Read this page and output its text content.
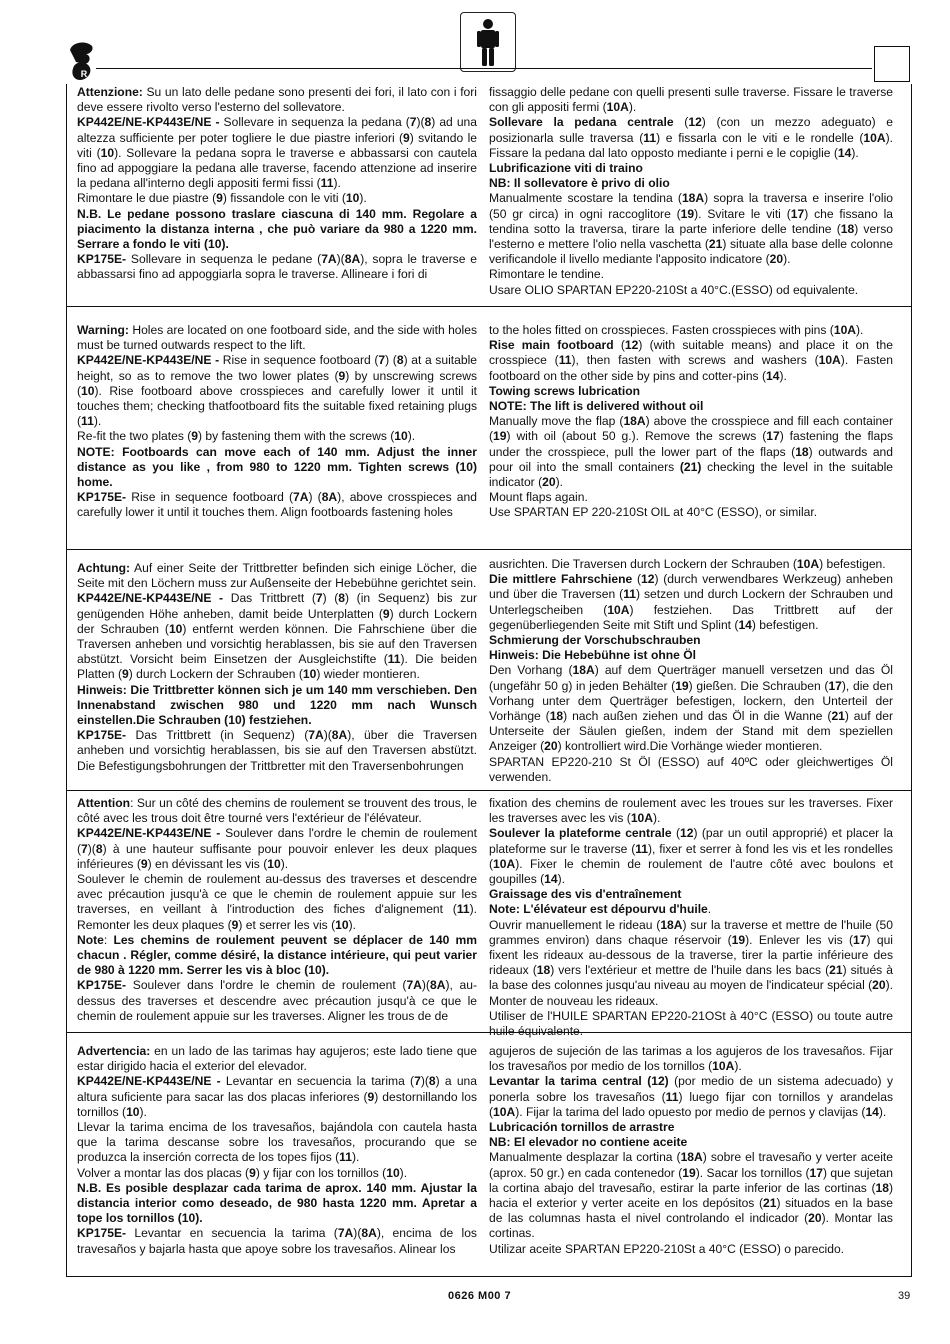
R

Attenzione: Su un lato delle pedane sono presenti dei fori, il lato con i fori deve essere rivolto verso l'esterno del sollevatore.

KP442E/NE-KP443E/NE - Sollevare in sequenza la pedana (7)(8) ad una altezza sufficiente per poter togliere le due piastre inferiori (9) svitando le viti (10). Sollevare la pedana sopra le traverse e abbassarsi con cautela fino ad appoggiare la pedana alle traverse, facendo attenzione ad inserire la pedana all'interno degli appositi fermi fissi (11).

Rimontare le due piastre (9) fissandole con le viti (10).

N.B. Le pedane possono traslare ciascuna di 140 mm. Regolare a piacimento la distanza interna , che può variare da 980 a 1220 mm. Serrare a fondo le viti (10).

KP175E- Sollevare in sequenza le pedane (7A)(8A), sopra le traverse e abbassarsi fino ad appoggiarla sopra le traverse. Allineare i fori di

fissaggio delle pedane con quelli presenti sulle traverse. Fissare le traverse con gli appositi fermi (10A).

Sollevare la pedana centrale (12) (con un mezzo adeguato) e posizionarla sulle traversa (11) e fissarla con le viti e le rondelle (10A). Fissare la pedana dal lato opposto mediante i perni e le copiglie (14).

Lubrificazione viti di traino

NB: Il sollevatore è privo di olio

Manualmente scostare la tendina (18A) sopra la traversa e inserire l'olio (50 gr circa) in ogni raccoglitore (19). Svitare le viti (17) che fissano la tendina sotto la traversa, tirare la parte inferiore delle tendine (18) verso l'esterno e mettere l'olio nella vaschetta (21) situate alla base delle colonne verificandole il livello mediante l'apposito indicatore (20).

Rimontare le tendine.

Usare OLIO SPARTAN EP220-210St a 40°C.(ESSO) od equivalente.

Warning: Holes are located on one footboard side, and the side with holes must be turned outwards respect to the lift.

KP442E/NE-KP443E/NE - Rise in sequence footboard (7) (8) at a suitable height, so as to remove the two lower plates (9) by unscrewing screws (10). Rise footboard above crosspieces and carefully lower it until it touches them; checking thatfootboard fits the suitable fixed retaining plugs (11).

Re-fit the two plates (9) by fastening them with the screws (10).

NOTE: Footboards can move each of 140 mm. Adjust the inner distance as you like , from 980 to 1220 mm. Tighten screws (10) home.

KP175E- Rise in sequence footboard (7A) (8A), above crosspieces and carefully lower it until it touches them. Align footboards fastening holes

to the holes fitted on crosspieces. Fasten crosspieces with pins (10A).

Rise main footboard (12) (with suitable means) and place it on the crosspiece (11), then fasten with screws and washers (10A). Fasten footboard on the other side by pins and cotter-pins (14).

Towing screws lubrication

NOTE: The lift is delivered without oil

Manually move the flap (18A) above the crosspiece and fill each container (19) with oil (about 50 g.). Remove the screws (17) fastening the flaps under the crosspiece, pull the lower part of the flaps (18) outwards and pour oil into the small containers (21) checking the level in the suitable indicator (20).

Mount flaps again.

Use SPARTAN EP 220-210St OIL at 40°C (ESSO), or similar.

Achtung: Auf einer Seite der Trittbretter befinden sich einige Löcher, die Seite mit den Löchern muss zur Außenseite der Hebebühne gerichtet sein.

KP442E/NE-KP443E/NE - Das Trittbrett (7) (8) (in Sequenz) bis zur genügenden Höhe anheben, damit beide Unterplatten (9) durch Lockern der Schrauben (10) entfernt werden können. Die Fahrschiene über die Traversen anheben und vorsichtig herablassen, bis sie auf den Traversen abstützt. Vorsicht beim Einsetzen der Ausgleichstifte (11). Die beiden Platten (9) durch Lockern der Schrauben (10) wieder montieren.

Hinweis: Die Trittbretter können sich je um 140 mm verschieben. Den Innenabstand zwischen 980 und 1220 mm nach Wunsch einstellen.Die Schrauben (10) festziehen.

KP175E- Das Trittbrett (in Sequenz) (7A)(8A), über die Traversen anheben und vorsichtig herablassen, bis sie auf den Traversen abstützt. Die Befestigungsbohrungen der Trittbretter mit den Traversenbohrungen

ausrichten. Die Traversen durch Lockern der Schrauben (10A) befestigen.

Die mittlere Fahrschiene (12) (durch verwendbares Werkzeug) anheben und über die Traversen (11) setzen und durch Lockern der Schrauben und Unterlegscheiben (10A) festziehen. Das Trittbrett auf der gegenüberliegenden Seite mit Stift und Splint (14) befestigen.

Schmierung der Vorschubschrauben

Hinweis: Die Hebebühne ist ohne Öl

Den Vorhang (18A) auf dem Querträger manuell versetzen und das Öl (ungefähr 50 g) in jeden Behälter (19) gießen. Die Schrauben (17), die den Vorhang unter dem Querträger befestigen, lockern, den Unterteil der Vorhänge (18) nach außen ziehen und das Öl in die Wanne (21) auf der Unterseite der Säulen gießen, indem der Stand mit dem speziellen Anzeiger (20) kontrolliert wird.Die Vorhänge wieder montieren.

SPARTAN EP220-210 St Öl (ESSO) auf 40ºC oder gleichwertiges Öl verwenden.

Attention: Sur un côté des chemins de roulement se trouvent des trous, le côté avec les trous doit être tourné vers l'extérieur de l'élévateur.

KP442E/NE-KP443E/NE - Soulever dans l'ordre le chemin de roulement (7)(8) à une hauteur suffisante pour pouvoir enlever les deux plaques inférieures (9) en dévissant les vis (10).

Soulever le chemin de roulement au-dessus des traverses et descendre avec précaution jusqu'à ce que le chemin de roulement appuie sur les traverses, en veillant à l'introduction des fiches d'alignement (11). Remonter les deux plaques (9) et serrer les vis (10).

Note: Les chemins de roulement peuvent se déplacer de 140 mm chacun . Régler, comme désiré, la distance intérieure, qui peut varier de 980 à 1220 mm. Serrer les vis à bloc (10).

KP175E- Soulever dans l'ordre le chemin de roulement (7A)(8A), au-dessus des traverses et descendre avec précaution jusqu'à ce que le chemin de roulement appuie sur les traverses. Aligner les trous de de

fixation des chemins de roulement avec les troues sur les traverses. Fixer les traverses avec les vis (10A).

Soulever la plateforme centrale (12) (par un outil approprié) et placer la plateforme sur le traverse (11), fixer et serrer à fond les vis et les rondelles (10A). Fixer le chemin de roulement de l'autre côté avec boulons et goupilles (14).

Graissage des vis d'entraînement

Note: L'élévateur est dépourvu d'huile.

Ouvrir manuellement le rideau (18A) sur la traverse et mettre de l'huile (50 grammes environ) dans chaque réservoir (19). Enlever les vis (17) qui fixent les rideaux au-dessous de la traverse, tirer la partie inférieure des rideaux (18) vers l'extérieur et mettre de l'huile dans les bacs (21) situés à la base des colonnes jusqu'au niveau au moyen de l'indicateur spécial (20). Monter de nouveau les rideaux.

Utiliser de l'HUILE SPARTAN EP220-21OSt à 40°C (ESSO) ou toute autre huile équivalente.

Advertencia: en un lado de las tarimas hay agujeros; este lado tiene que estar dirigido hacia el exterior del elevador.

KP442E/NE-KP443E/NE - Levantar en secuencia la tarima (7)(8) a una altura suficiente para sacar las dos placas inferiores (9) destornillando los tornillos (10).

Llevar la tarima encima de los travesaños, bajándola con cautela hasta que la tarima descanse sobre los travesaños, procurando que se produzca la inserción correcta de los topes fijos (11).

Volver a montar las dos placas (9) y fijar con los tornillos (10).

N.B. Es posible desplazar cada tarima de aprox. 140 mm. Ajustar la distancia interior como deseado, de 980 hasta 1220 mm. Apretar a tope los tornillos (10).

KP175E- Levantar en secuencia la tarima (7A)(8A), encima de los travesaños y bajarla hasta que apoye sobre los travesaños. Alinear los

agujeros de sujeción de las tarimas a los agujeros de los travesaños. Fijar los travesaños por medio de los tornillos (10A).

Levantar la tarima central (12) (por medio de un sistema adecuado) y ponerla sobre los travesaños (11) luego fijar con tornillos y arandelas (10A). Fijar la tarima del lado opuesto por medio de pernos y clavijas (14).

Lubricación tornillos de arrastre

NB: El elevador no contiene aceite

Manualmente desplazar la cortina (18A) sobre el travesaño y verter aceite (aprox. 50 gr.) en cada contenedor (19). Sacar los tornillos (17) que sujetan la cortina abajo del travesaño, estirar la parte inferior de las cortinas (18) hacia el exterior y verter aceite en los depósitos (21) situados en la base de las columnas hasta el nivel controlando el indicador (20). Montar las cortinas.

Utilizar aceite SPARTAN EP220-210St a 40°C (ESSO) o parecido.

0626 M00 7	39
